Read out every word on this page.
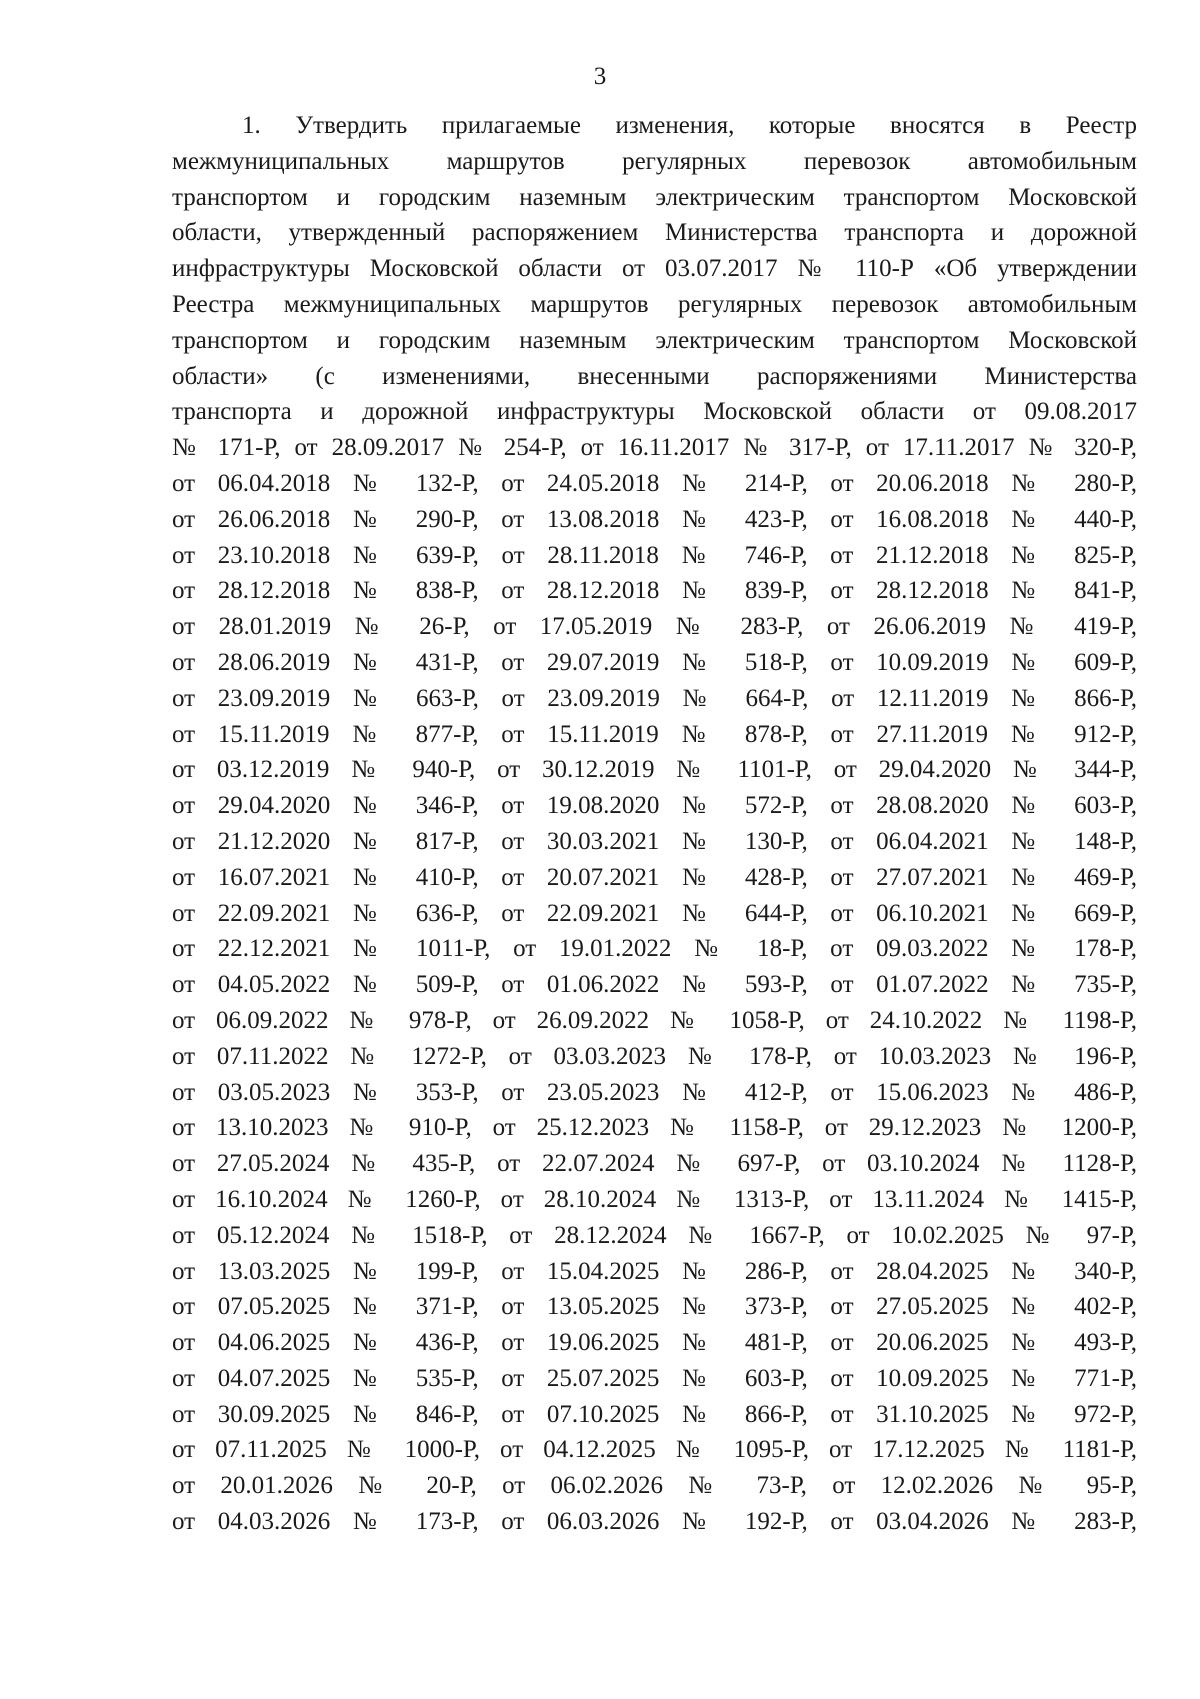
3
1. Утвердить прилагаемые изменения, которые вносятся в Реестр
межмуниципальных маршрутов регулярных перевозок автомобильным
транспортом и городским наземным электрическим транспортом Московской
области, утвержденный распоряжением Министерства транспорта и дорожной
инфраструктуры Московской области от 03.07.2017 № 110-Р «Об утверждении
Реестра межмуниципальных маршрутов регулярных перевозок автомобильным
транспортом и городским наземным электрическим транспортом Московской
области» (с изменениями, внесенными распоряжениями Министерства
транспорта и дорожной инфраструктуры Московской области от 09.08.2017
№ 171-Р, от 28.09.2017 № 254-Р, от 16.11.2017 № 317-Р, от 17.11.2017 № 320-Р,
от 06.04.2018 № 132-Р, от 24.05.2018 № 214-Р, от 20.06.2018 № 280-Р,
от 26.06.2018 № 290-Р, от 13.08.2018 № 423-Р, от 16.08.2018 № 440-Р,
от 23.10.2018 № 639-Р, от 28.11.2018 № 746-Р, от 21.12.2018 № 825-Р,
от 28.12.2018 № 838-Р, от 28.12.2018 № 839-Р, от 28.12.2018 № 841-Р,
от 28.01.2019 № 26-Р, от 17.05.2019 № 283-Р, от 26.06.2019 № 419-Р,
от 28.06.2019 № 431-Р, от 29.07.2019 № 518-Р, от 10.09.2019 № 609-Р,
от 23.09.2019 № 663-Р, от 23.09.2019 № 664-Р, от 12.11.2019 № 866-Р,
от 15.11.2019 № 877-Р, от 15.11.2019 № 878-Р, от 27.11.2019 № 912-Р,
от 03.12.2019 № 940-Р, от 30.12.2019 № 1101-Р, от 29.04.2020 № 344-Р,
от 29.04.2020 № 346-Р, от 19.08.2020 № 572-Р, от 28.08.2020 № 603-Р,
от 21.12.2020 № 817-Р, от 30.03.2021 № 130-Р, от 06.04.2021 № 148-Р,
от 16.07.2021 № 410-Р, от 20.07.2021 № 428-Р, от 27.07.2021 № 469-Р,
от 22.09.2021 № 636-Р, от 22.09.2021 № 644-Р, от 06.10.2021 № 669-Р,
от 22.12.2021 № 1011-Р, от 19.01.2022 № 18-Р, от 09.03.2022 № 178-Р,
от 04.05.2022 № 509-Р, от 01.06.2022 № 593-Р, от 01.07.2022 № 735-Р,
от 06.09.2022 № 978-Р, от 26.09.2022 № 1058-Р, от 24.10.2022 № 1198-Р,
от 07.11.2022 № 1272-Р, от 03.03.2023 № 178-Р, от 10.03.2023 № 196-Р,
от 03.05.2023 № 353-Р, от 23.05.2023 № 412-Р, от 15.06.2023 № 486-Р,
от 13.10.2023 № 910-Р, от 25.12.2023 № 1158-Р, от 29.12.2023 № 1200-Р,
от 27.05.2024 № 435-Р, от 22.07.2024 № 697-Р, от 03.10.2024 № 1128-Р,
от 16.10.2024 № 1260-Р, от 28.10.2024 № 1313-Р, от 13.11.2024 № 1415-Р,
от 05.12.2024 № 1518-Р, от 28.12.2024 № 1667-Р, от 10.02.2025 № 97-Р,
от 13.03.2025 № 199-Р, от 15.04.2025 № 286-Р, от 28.04.2025 № 340-Р,
от 07.05.2025 № 371-Р, от 13.05.2025 № 373-Р, от 27.05.2025 № 402-Р,
от 04.06.2025 № 436-Р, от 19.06.2025 № 481-Р, от 20.06.2025 № 493-Р,
от 04.07.2025 № 535-Р, от 25.07.2025 № 603-Р, от 10.09.2025 № 771-Р,
от 30.09.2025 № 846-Р, от 07.10.2025 № 866-Р, от 31.10.2025 № 972-Р,
от 07.11.2025 № 1000-Р, от 04.12.2025 № 1095-Р, от 17.12.2025 № 1181-Р,
от 20.01.2026 № 20-Р, от 06.02.2026 № 73-Р, от 12.02.2026 № 95-Р,
от 04.03.2026 № 173-Р, от 06.03.2026 № 192-Р, от 03.04.2026 № 283-Р,
